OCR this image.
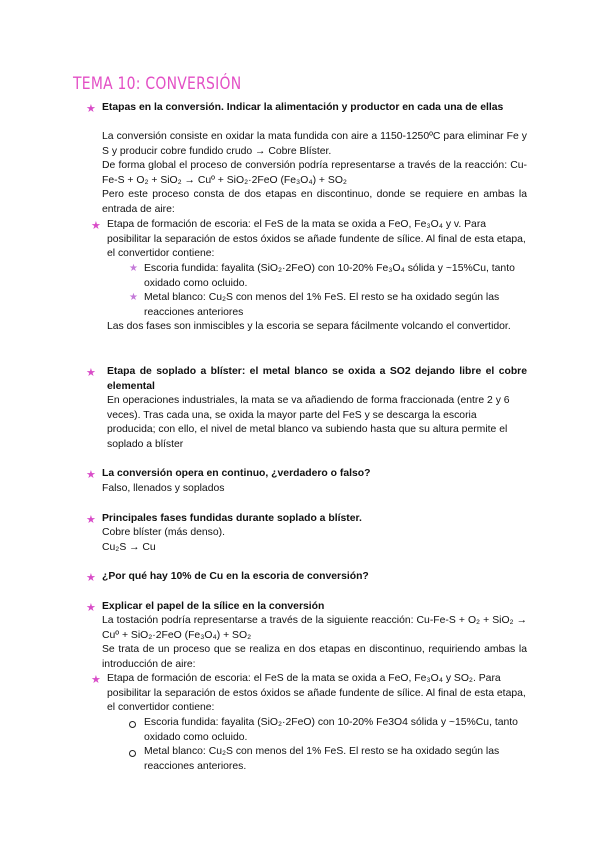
TEMA 10: CONVERSIÓN
★ Etapas en la conversión. Indicar la alimentación y productor en cada una de ellas
La conversión consiste en oxidar la mata fundida con aire a 1150-1250ºC para eliminar Fe y S y producir cobre fundido crudo → Cobre Blíster.
De forma global el proceso de conversión podría representarse a través de la reacción: Cu-Fe-S + O₂ + SiO₂ → Cuº + SiO₂·2FeO (Fe₃O₄) + SO₂
Pero este proceso consta de dos etapas en discontinuo, donde se requiere en ambas la entrada de aire:
★ Etapa de formación de escoria: el FeS de la mata se oxida a FeO, Fe₃O₄ y v. Para posibilitar la separación de estos óxidos se añade fundente de sílice. Al final de esta etapa, el convertidor contiene:
★ Escoria fundida: fayalita (SiO₂·2FeO) con 10-20% Fe₃O₄ sólida y ~15%Cu, tanto oxidado como ocluido.
★ Metal blanco: Cu₂S con menos del 1% FeS. El resto se ha oxidado según las reacciones anteriores
Las dos fases son inmiscibles y la escoria se separa fácilmente volcando el convertidor.
★ Etapa de soplado a blíster: el metal blanco se oxida a SO2 dejando libre el cobre elemental
En operaciones industriales, la mata se va añadiendo de forma fraccionada (entre 2 y 6 veces). Tras cada una, se oxida la mayor parte del FeS y se descarga la escoria producida; con ello, el nivel de metal blanco va subiendo hasta que su altura permite el soplado a blíster
★ La conversión opera en continuo, ¿verdadero o falso?
Falso, llenados y soplados
★ Principales fases fundidas durante soplado a blíster.
Cobre blíster (más denso).
Cu₂S → Cu
★ ¿Por qué hay 10% de Cu en la escoria de conversión?
★ Explicar el papel de la sílice en la conversión
La tostación podría representarse a través de la siguiente reacción: Cu-Fe-S + O₂ + SiO₂ → Cuº + SiO₂·2FeO (Fe₃O₄) + SO₂
Se trata de un proceso que se realiza en dos etapas en discontinuo, requiriendo ambas la introducción de aire:
★ Etapa de formación de escoria: el FeS de la mata se oxida a FeO, Fe₃O₄ y SO₂. Para posibilitar la separación de estos óxidos se añade fundente de sílice. Al final de esta etapa, el convertidor contiene:
Escoria fundida: fayalita (SiO₂·2FeO) con 10-20% Fe3O4 sólida y ~15%Cu, tanto oxidado como ocluido.
Metal blanco: Cu₂S con menos del 1% FeS. El resto se ha oxidado según las reacciones anteriores.
